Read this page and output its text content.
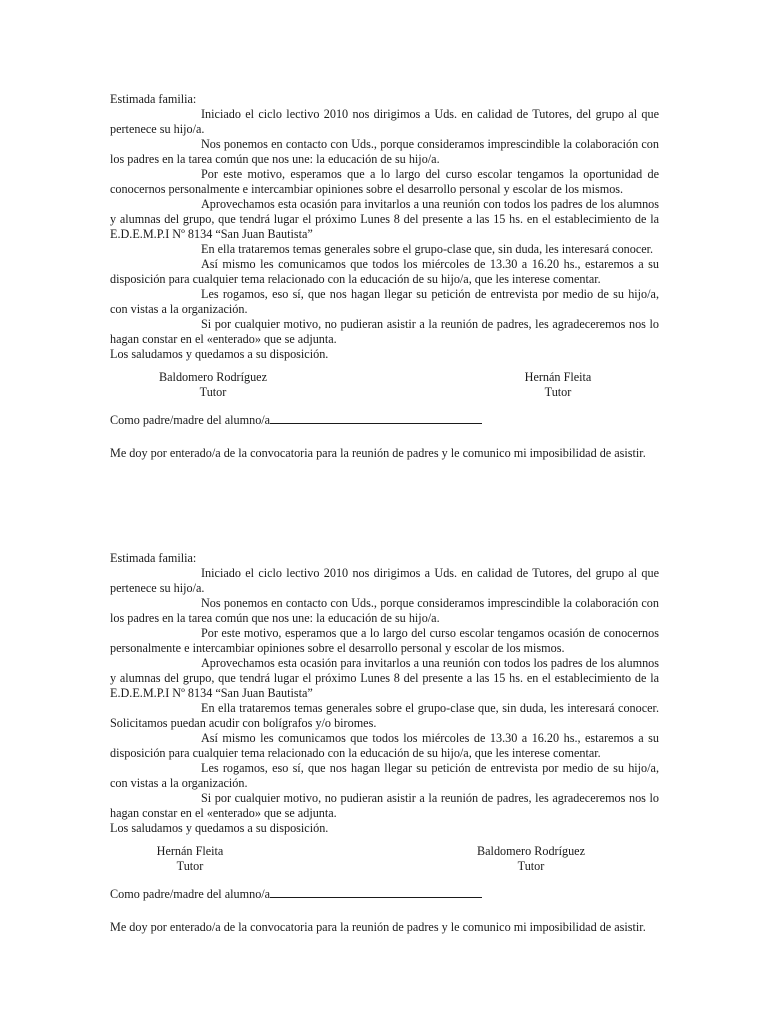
Estimada familia:
Iniciado el ciclo lectivo 2010 nos dirigimos a Uds. en calidad de Tutores, del grupo al que pertenece su hijo/a.
Nos ponemos en contacto con Uds., porque consideramos imprescindible la colaboración con los padres en la tarea común que nos une: la educación de su hijo/a.
Por este motivo, esperamos que a lo largo del curso escolar tengamos la oportunidad de conocernos personalmente e intercambiar opiniones sobre el desarrollo personal y escolar de los mismos.
Aprovechamos esta ocasión para invitarlos a una reunión con todos los padres de los alumnos y alumnas del grupo, que tendrá lugar el próximo Lunes 8 del presente a las 15 hs. en el establecimiento de la E.D.E.M.P.I Nº 8134 “San Juan Bautista”
En ella trataremos temas generales sobre el grupo-clase que, sin duda, les interesará conocer.
Así mismo les comunicamos que todos los miércoles de 13.30 a 16.20 hs., estaremos a su disposición para cualquier tema relacionado con la educación de su hijo/a, que les interese comentar.
Les rogamos, eso sí, que nos hagan llegar su petición de entrevista por medio de su hijo/a, con vistas a la organización.
Si por cualquier motivo, no pudieran asistir a la reunión de padres, les agradeceremos nos lo hagan constar en el «enterado» que se adjunta.
Los saludamos y quedamos a su disposición.
Baldomero Rodríguez
Tutor
Hernán Fleita
Tutor
Como padre/madre del alumno/a
Me doy por enterado/a de la convocatoria para la reunión de padres y le comunico mi imposibilidad de asistir.
Estimada familia:
Iniciado el ciclo lectivo 2010 nos dirigimos a Uds. en calidad de Tutores, del grupo al que pertenece su hijo/a.
Nos ponemos en contacto con Uds., porque consideramos imprescindible la colaboración con los padres en la tarea común que nos une: la educación de su hijo/a.
Por este motivo, esperamos que a lo largo del curso escolar tengamos ocasión de conocernos personalmente e intercambiar opiniones sobre el desarrollo personal y escolar de los mismos.
Aprovechamos esta ocasión para invitarlos a una reunión con todos los padres de los alumnos y alumnas del grupo, que tendrá lugar el próximo Lunes 8 del presente a las 15 hs. en el establecimiento de la E.D.E.M.P.I Nº 8134 “San Juan Bautista”
En ella trataremos temas generales sobre el grupo-clase que, sin duda, les interesará conocer. Solicitamos puedan acudir con bolígrafos y/o biromes.
Así mismo les comunicamos que todos los miércoles de 13.30 a 16.20 hs., estaremos a su disposición para cualquier tema relacionado con la educación de su hijo/a, que les interese comentar.
Les rogamos, eso sí, que nos hagan llegar su petición de entrevista por medio de su hijo/a, con vistas a la organización.
Si por cualquier motivo, no pudieran asistir a la reunión de padres, les agradeceremos nos lo hagan constar en el «enterado» que se adjunta.
Los saludamos y quedamos a su disposición.
Hernán Fleita
Tutor
Baldomero Rodríguez
Tutor
Como padre/madre del alumno/a
Me doy por enterado/a de la convocatoria para la reunión de padres y le comunico mi imposibilidad de asistir.
